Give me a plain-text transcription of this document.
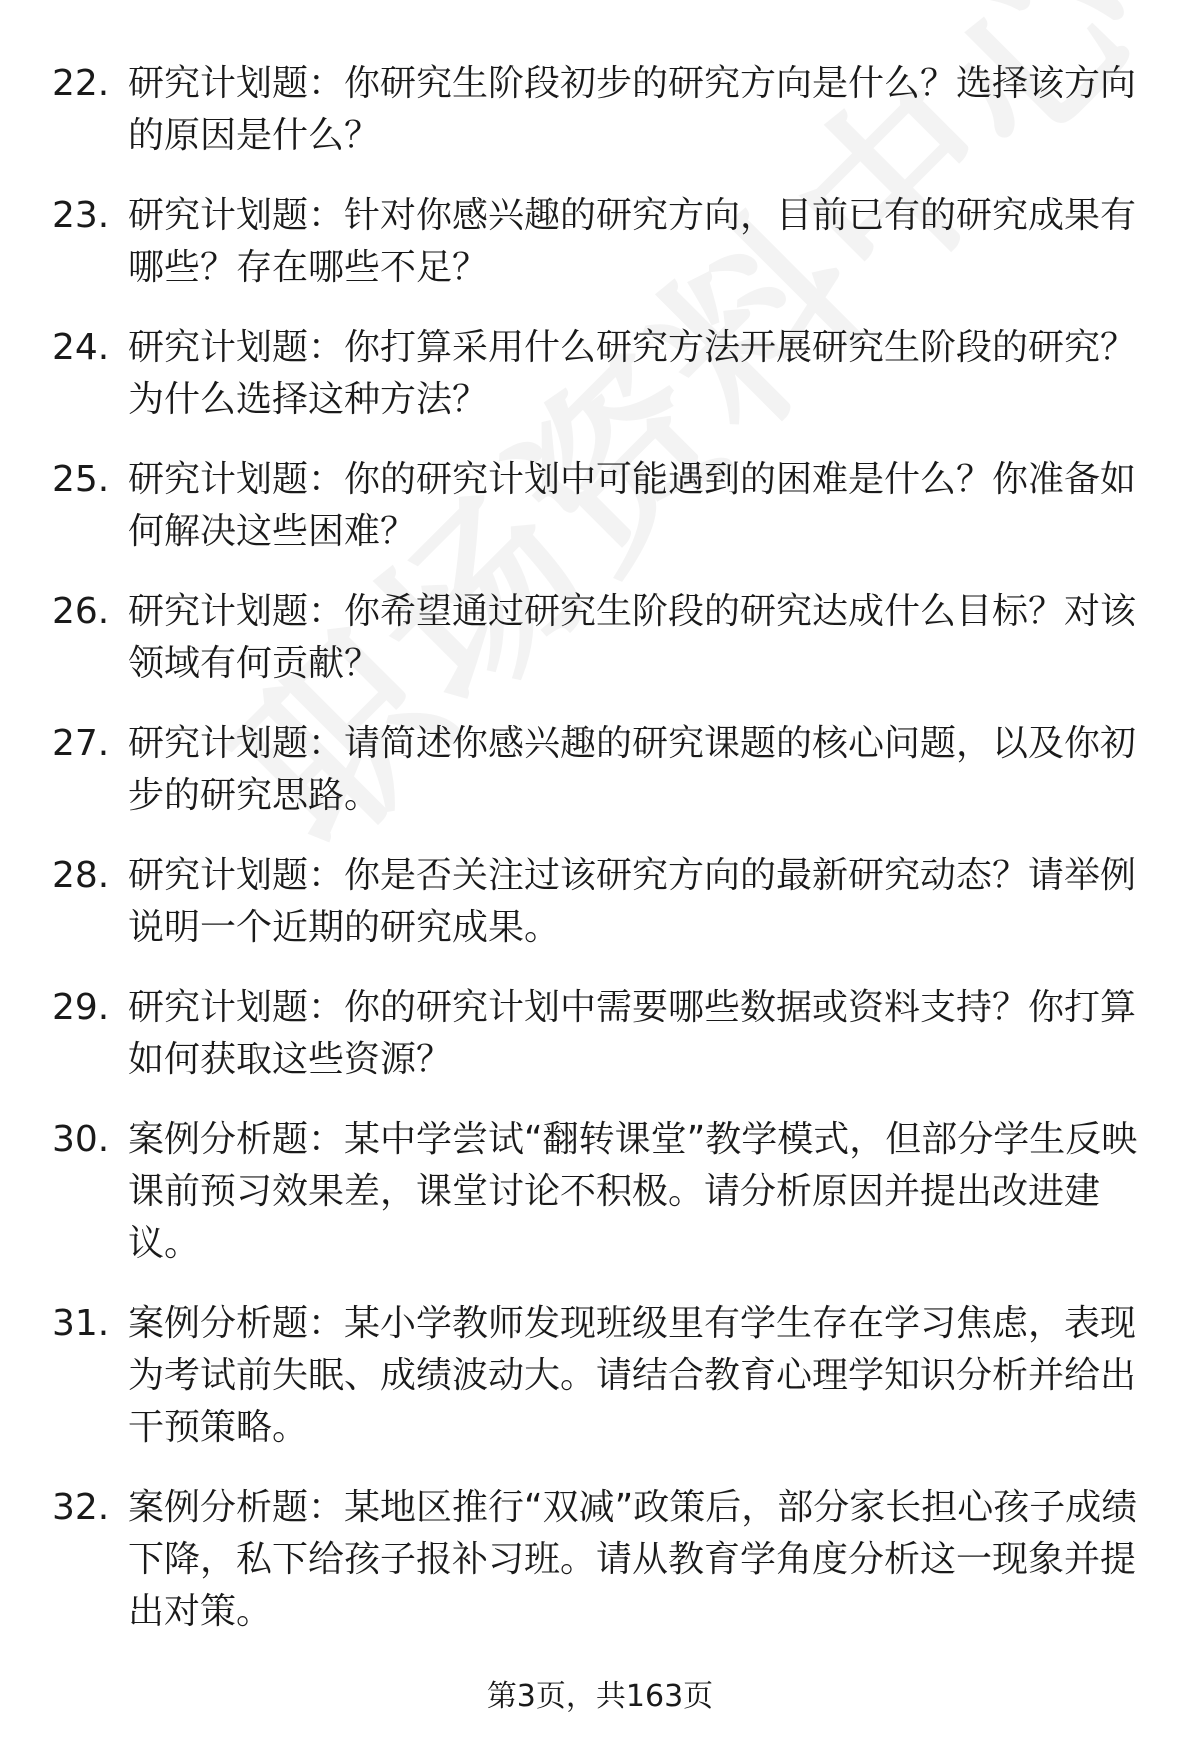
22. 研究计划题：你研究生阶段初步的研究方向是什么？选择该方向的原因是什么？
23. 研究计划题：针对你感兴趣的研究方向，目前已有的研究成果有哪些？存在哪些不足？
24. 研究计划题：你打算采用什么研究方法开展研究生阶段的研究？为什么选择这种方法？
25. 研究计划题：你的研究计划中可能遇到的困难是什么？你准备如何解决这些困难？
26. 研究计划题：你希望通过研究生阶段的研究达成什么目标？对该领域有何贡献？
27. 研究计划题：请简述你感兴趣的研究课题的核心问题，以及你初步的研究思路。
28. 研究计划题：你是否关注过该研究方向的最新研究动态？请举例说明一个近期的研究成果。
29. 研究计划题：你的研究计划中需要哪些数据或资料支持？你打算如何获取这些资源？
30. 案例分析题：某中学尝试“翻转课堂”教学模式，但部分学生反映课前预习效果差，课堂讨论不积极。请分析原因并提出改进建议。
31. 案例分析题：某小学教师发现班级里有学生存在学习焦虑，表现为考试前失眠、成绩波动大。请结合教育心理学知识分析并给出干预策略。
32. 案例分析题：某地区推行“双减”政策后，部分家长担心孩子成绩下降，私下给孩子报补习班。请从教育学角度分析这一现象并提出对策。
第3页，共163页
